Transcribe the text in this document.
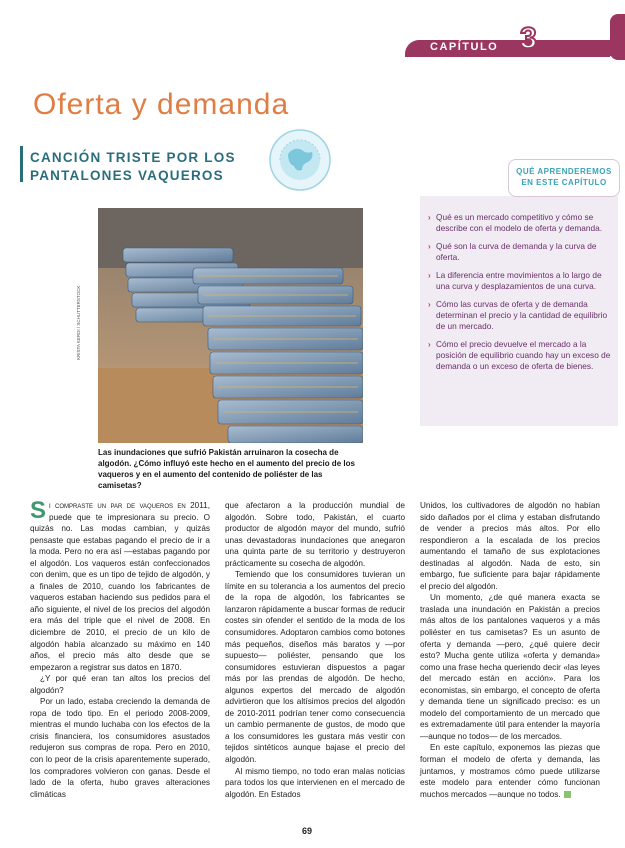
CAPÍTULO 3
Oferta y demanda
CANCIÓN TRISTE POR LOS
PANTALONES VAQUEROS
KRISTA KERDI / SCHUTTERSTOCK

Las inundaciones que sufrió Pakistán arruinaron la cosecha de algodón. ¿Cómo influyó este hecho en el aumento del precio de los vaqueros y en el aumento del contenido de poliéster de las camisetas?

QUÉ APRENDEREMOS EN ESTE CAPÍTULO

› Qué es un mercado competitivo y cómo se describe con el modelo de oferta y demanda.
› Qué son la curva de demanda y la curva de oferta.
› La diferencia entre movimientos a lo largo de una curva y desplazamientos de una curva.
› Cómo las curvas de oferta y de demanda determinan el precio y la cantidad de equilibrio de un mercado.
› Cómo el precio devuelve el mercado a la posición de equilibrio cuando hay un exceso de demanda o un exceso de oferta de bienes.

Si compraste un par de vaqueros en 2011, puede que te impresionara su precio. O quizás no. Las modas cambian, y quizás pensaste que estabas pagando el precio de ir a la moda. Pero no era así —estabas pagando por el algodón. Los vaqueros están confeccionados con denim, que es un tipo de tejido de algodón, y a finales de 2010, cuando los fabricantes de vaqueros estaban haciendo sus pedidos para el año siguiente, el nivel de los precios del algodón era más del triple que el nivel de 2008. En diciembre de 2010, el precio de un kilo de algodón había alcanzado su máximo en 140 años, el precio más alto desde que se empezaron a registrar sus datos en 1870.

¿Y por qué eran tan altos los precios del algodón?

Por un lado, estaba creciendo la demanda de ropa de todo tipo. En el periodo 2008-2009, mientras el mundo luchaba con los efectos de la crisis financiera, los consumidores asustados redujeron sus compras de ropa. Pero en 2010, con lo peor de la crisis aparentemente superado, los compradores volvieron con ganas. Desde el lado de la oferta, hubo graves alteraciones climáticas

que afectaron a la producción mundial de algodón. Sobre todo, Pakistán, el cuarto productor de algodón mayor del mundo, sufrió unas devastadoras inundaciones que anegaron una quinta parte de su territorio y destruyeron prácticamente su cosecha de algodón.

Temiendo que los consumidores tuvieran un límite en su tolerancia a los aumentos del precio de la ropa de algodón, los fabricantes se lanzaron rápidamente a buscar formas de reducir costes sin ofender el sentido de la moda de los consumidores. Adoptaron cambios como botones más pequeños, diseños más baratos y —por supuesto— poliéster, pensando que los consumidores estuvieran dispuestos a pagar más por las prendas de algodón. De hecho, algunos expertos del mercado de algodón advirtieron que los altísimos precios del algodón de 2010-2011 podrían tener como consecuencia un cambio permanente de gustos, de modo que a los consumidores les gustara más vestir con tejidos sintéticos aunque bajase el precio del algodón.

Al mismo tiempo, no todo eran malas noticias para todos los que intervienen en el mercado de algodón. En Estados

Unidos, los cultivadores de algodón no habían sido dañados por el clima y estaban disfrutando de vender a precios más altos. Por ello respondieron a la escalada de los precios aumentando el tamaño de sus explotaciones destinadas al algodón. Nada de esto, sin embargo, fue suficiente para bajar rápidamente el precio del algodón.

Un momento, ¿de qué manera exacta se traslada una inundación en Pakistán a precios más altos de los pantalones vaqueros y a más poliéster en tus camisetas? Es un asunto de oferta y demanda —pero, ¿qué quiere decir esto? Mucha gente utiliza «oferta y demanda» como una frase hecha queriendo decir «las leyes del mercado están en acción». Para los economistas, sin embargo, el concepto de oferta y demanda tiene un significado preciso: es un modelo del comportamiento de un mercado que es extremadamente útil para entender la mayoría —aunque no todos— de los mercados.

En este capítulo, exponemos las piezas que forman el modelo de oferta y demanda, las juntamos, y mostramos cómo puede utilizarse este modelo para entender cómo funcionan muchos mercados —aunque no todos.

69
